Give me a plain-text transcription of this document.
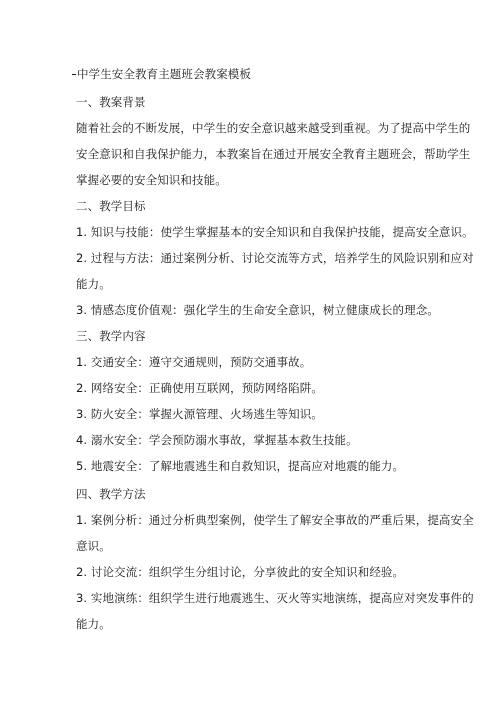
中学生安全教育主题班会教案模板
一、教案背景
随着社会的不断发展，中学生的安全意识越来越受到重视。为了提高中学生的
安全意识和自我保护能力，本教案旨在通过开展安全教育主题班会，帮助学生
掌握必要的安全知识和技能。
二、教学目标
1. 知识与技能：使学生掌握基本的安全知识和自我保护技能，提高安全意识。
2. 过程与方法：通过案例分析、讨论交流等方式，培养学生的风险识别和应对
能力。
3. 情感态度价值观：强化学生的生命安全意识，树立健康成长的理念。
三、教学内容
1. 交通安全：遵守交通规则，预防交通事故。
2. 网络安全：正确使用互联网，预防网络陷阱。
3. 防火安全：掌握火源管理、火场逃生等知识。
4. 溺水安全：学会预防溺水事故，掌握基本救生技能。
5. 地震安全：了解地震逃生和自救知识，提高应对地震的能力。
四、教学方法
1. 案例分析：通过分析典型案例，使学生了解安全事故的严重后果，提高安全
意识。
2. 讨论交流：组织学生分组讨论，分享彼此的安全知识和经验。
3. 实地演练：组织学生进行地震逃生、灭火等实地演练，提高应对突发事件的
能力。
